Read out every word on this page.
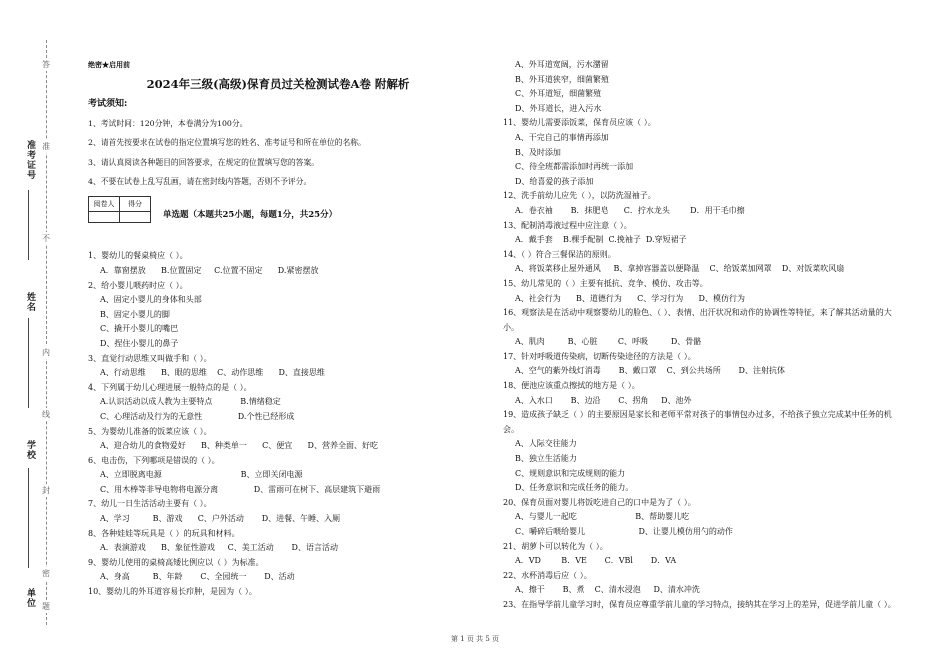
准考证号
姓名
学校
单位
答
准
不
内
线
封
密
题
绝密★启用前
2024年三级(高级)保育员过关检测试卷A卷 附解析
考试须知:
1、考试时间：120分钟，本卷满分为100分。
2、请首先按要求在试卷的指定位置填写您的姓名、准考证号和所在单位的名称。
3、请认真阅读各种题目的回答要求，在规定的位置填写您的答案。
4、不要在试卷上乱写乱画，请在密封线内答题，否则不予评分。
阅卷人	得分

单选题（本题共25小题，每题1分，共25分）
1、婴幼儿的餐桌椅应（ ）。
A．靠窗摆放      B.位置固定     C.位置不固定      D.紧密摆放
2、给小婴儿喂药时应（ ）。
A、固定小婴儿的身体和头部
B、固定小婴儿的脚
C、撬开小婴儿的嘴巴
D、捏住小婴儿的鼻子
3、直觉行动思维又叫做手和（ ）。
A、行动思维      B、眼的思维    C、动作思维      D、直接思维
4、下列属于幼儿心理进展一般特点的是（ ）。
A.认识活动以成人教为主要特点           B.情绪稳定
C、心理活动及行为的无意性              D.个性已经形成
5、为婴幼儿准备的饭菜应该（ ）。
A、迎合幼儿的食物爱好      B、种类单一      C、便宜      D、营养全面、好吃
6、电击伤，下列哪项是错误的（ ）。
A、立即脱离电源                               B、立即关闭电源
C、用木棒等非导电物将电源分离              D、雷雨可在树下、高层建筑下避雨
7、幼儿一日生活活动主要有（ ）。
A、学习         B、游戏      C、户外活动       D、进餐、午睡、入厕
8、各种娃娃等玩具是（ ）的玩具和材料。
A．表演游戏      B、象征性游戏     C、美工活动       D、语言活动
9、婴幼儿使用的桌椅高矮比例应以（ ）为标准。
A、身高         B、年龄       C、全园统一       D、活动
10、婴幼儿的外耳道容易长疖肿，是因为（ ）。
A、外耳道宽阔，污水潴留
B、外耳道狭窄，细菌繁殖
C、外耳道短，细菌繁殖
D、外耳道长，进入污水
11、婴幼儿需要添饭菜，保育员应该（ ）。
A、干完自己的事情再添加
B、及时添加
C、待全班都需添加时再统一添加
D、给喜爱的孩子添加
12、洗手前幼儿应先（ ），以防洗湿袖子。
A．卷衣袖       B．抹肥皂      C．拧水龙头        D．用干毛巾擦
13、配制消毒液过程中应注意（ ）。
A．戴手套    B.棵手配制  C.挽袖子  D.穿短裙子
14、（ ）符合三餐保洁的原则。
A、将饭菜移止屋外通风     B、拿掉容器盖以便降温    C、给饭菜加网罩    D、对饭菜吹风扇
15、幼儿常见的（ ）主要有抵抗、竞争、模仿、攻击等。
A、社会行为      B、道德行为      C、学习行为      D、模仿行为
16、观察法是在活动中观察婴幼儿的脸色、（ ）、表情、出汗状况和动作的协调性等特征，来了解其活动量的大小。
A、肌肉         B、心脏        C、呼吸         D、骨骼
17、针对呼吸道传染病，切断传染途径的方法是（ ）。
A、空气的紫外线灯消毒       B、戴口罩    C、到公共场所       D、注射抗体
18、便池应该重点擦拭的地方是（ ）。
A、入水口       B、边沿       C、拐角     D、池外
19、造成孩子缺乏（ ）的主要原因是家长和老师平常对孩子的事情包办过多，不给孩子独立完成某中任务的机会。
A、人际交往能力
B、独立生活能力
C、规则意识和完成规则的能力
D、任务意识和完成任务的能力。
20、保育员面对婴儿将饭吃进自己的口中是为了（ ）。
A、与婴儿一起吃                       B、帮助婴儿吃
C、嚼碎后喂给婴儿                     D、让婴儿模仿用勺的动作
21、胡萝卜可以转化为（ ）。
A．VD        B．VE       C．VBl       D．VA
22、水杯消毒后应（ ）。
A、擦干       B、煮    C、清水浸泡     D、清水冲洗
23、在指导学前儿童学习时，保育员应尊重学前儿童的学习特点，接纳其在学习上的差异，促进学前儿童（ ）。
第 1 页 共 5 页
